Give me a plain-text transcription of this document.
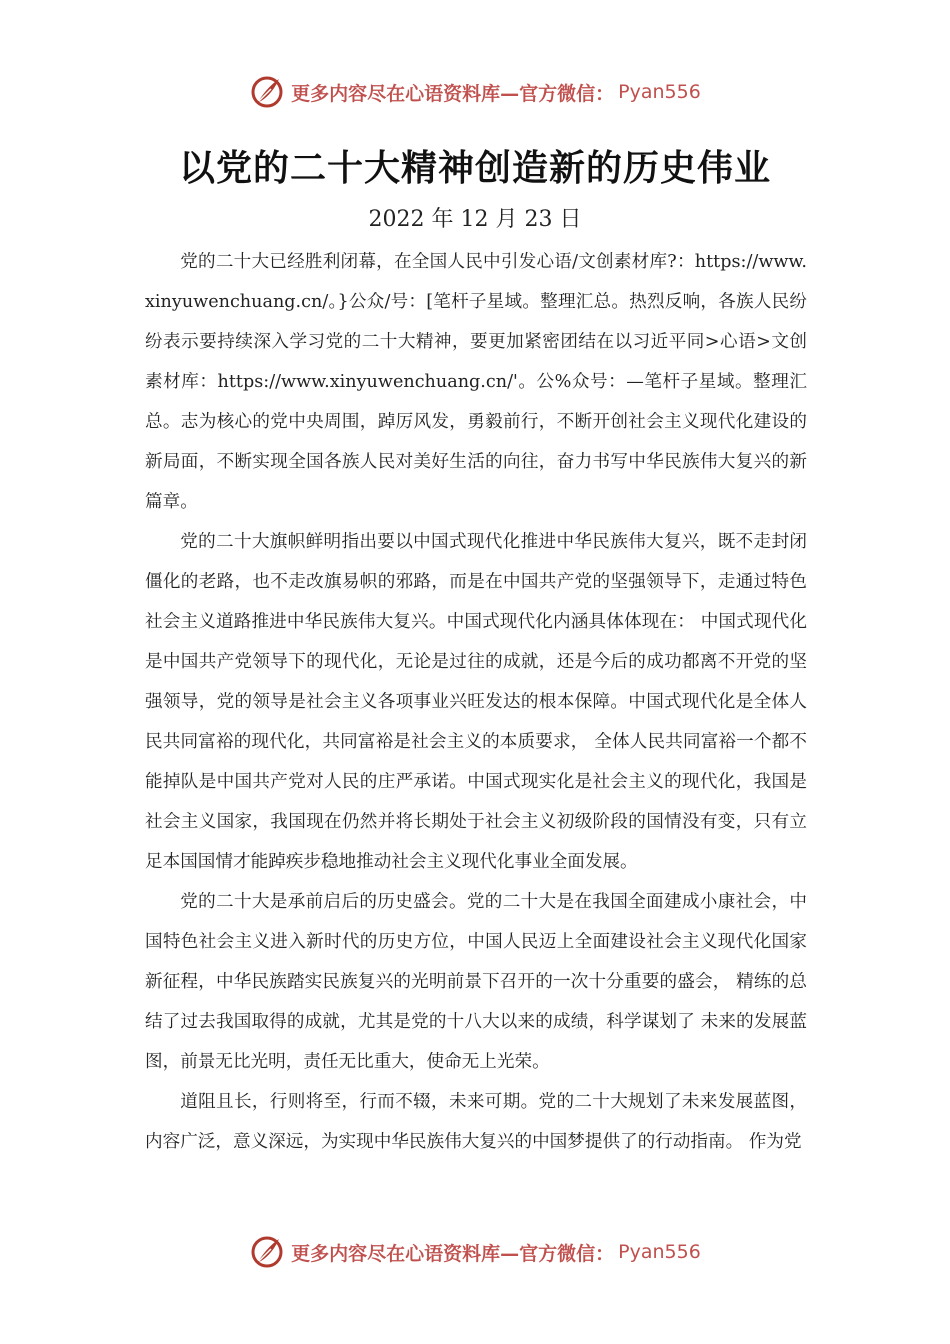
更多内容尽在心语资料库—官方微信： Pyan556
以党的二十大精神创造新的历史伟业
2022 年 12 月 23 日

党的二十大已经胜利闭幕，在全国人民中引发心语/文创素材库?：https://www.xinyuwenchuang.cn/。}公众/号：[笔杆子星域。整理汇总。热烈反响，各族人民纷纷表示要持续深入学习党的二十大精神，要更加紧密团结在以习近平同>心语>文创素材库：https://www.xinyuwenchuang.cn/'。公%众号：—笔杆子星域。整理汇总。志为核心的党中央周围，踔厉风发，勇毅前行，不断开创社会主义现代化建设的新局面，不断实现全国各族人民对美好生活的向往，奋力书写中华民族伟大复兴的新篇章。

党的二十大旗帜鲜明指出要以中国式现代化推进中华民族伟大复兴，既不走封闭僵化的老路，也不走改旗易帜的邪路，而是在中国共产党的坚强领导下，走通过特色社会主义道路推进中华民族伟大复兴。中国式现代化内涵具体体现在： 中国式现代化是中国共产党领导下的现代化，无论是过往的成就，还是今后的成功都离不开党的坚强领导，党的领导是社会主义各项事业兴旺发达的根本保障。中国式现代化是全体人民共同富裕的现代化，共同富裕是社会主义的本质要求， 全体人民共同富裕一个都不能掉队是中国共产党对人民的庄严承诺。中国式现实化是社会主义的现代化，我国是社会主义国家，我国现在仍然并将长期处于社会主义初级阶段的国情没有变，只有立足本国国情才能踔疾步稳地推动社会主义现代化事业全面发展。

党的二十大是承前启后的历史盛会。党的二十大是在我国全面建成小康社会，中国特色社会主义进入新时代的历史方位，中国人民迈上全面建设社会主义现代化国家新征程，中华民族踏实民族复兴的光明前景下召开的一次十分重要的盛会， 精练的总结了过去我国取得的成就，尤其是党的十八大以来的成绩，科学谋划了 未来的发展蓝图，前景无比光明，责任无比重大，使命无上光荣。

道阻且长，行则将至，行而不辍，未来可期。党的二十大规划了未来发展蓝图，内容广泛，意义深远，为实现中华民族伟大复兴的中国梦提供了的行动指南。 作为党

更多内容尽在心语资料库—官方微信： Pyan556
